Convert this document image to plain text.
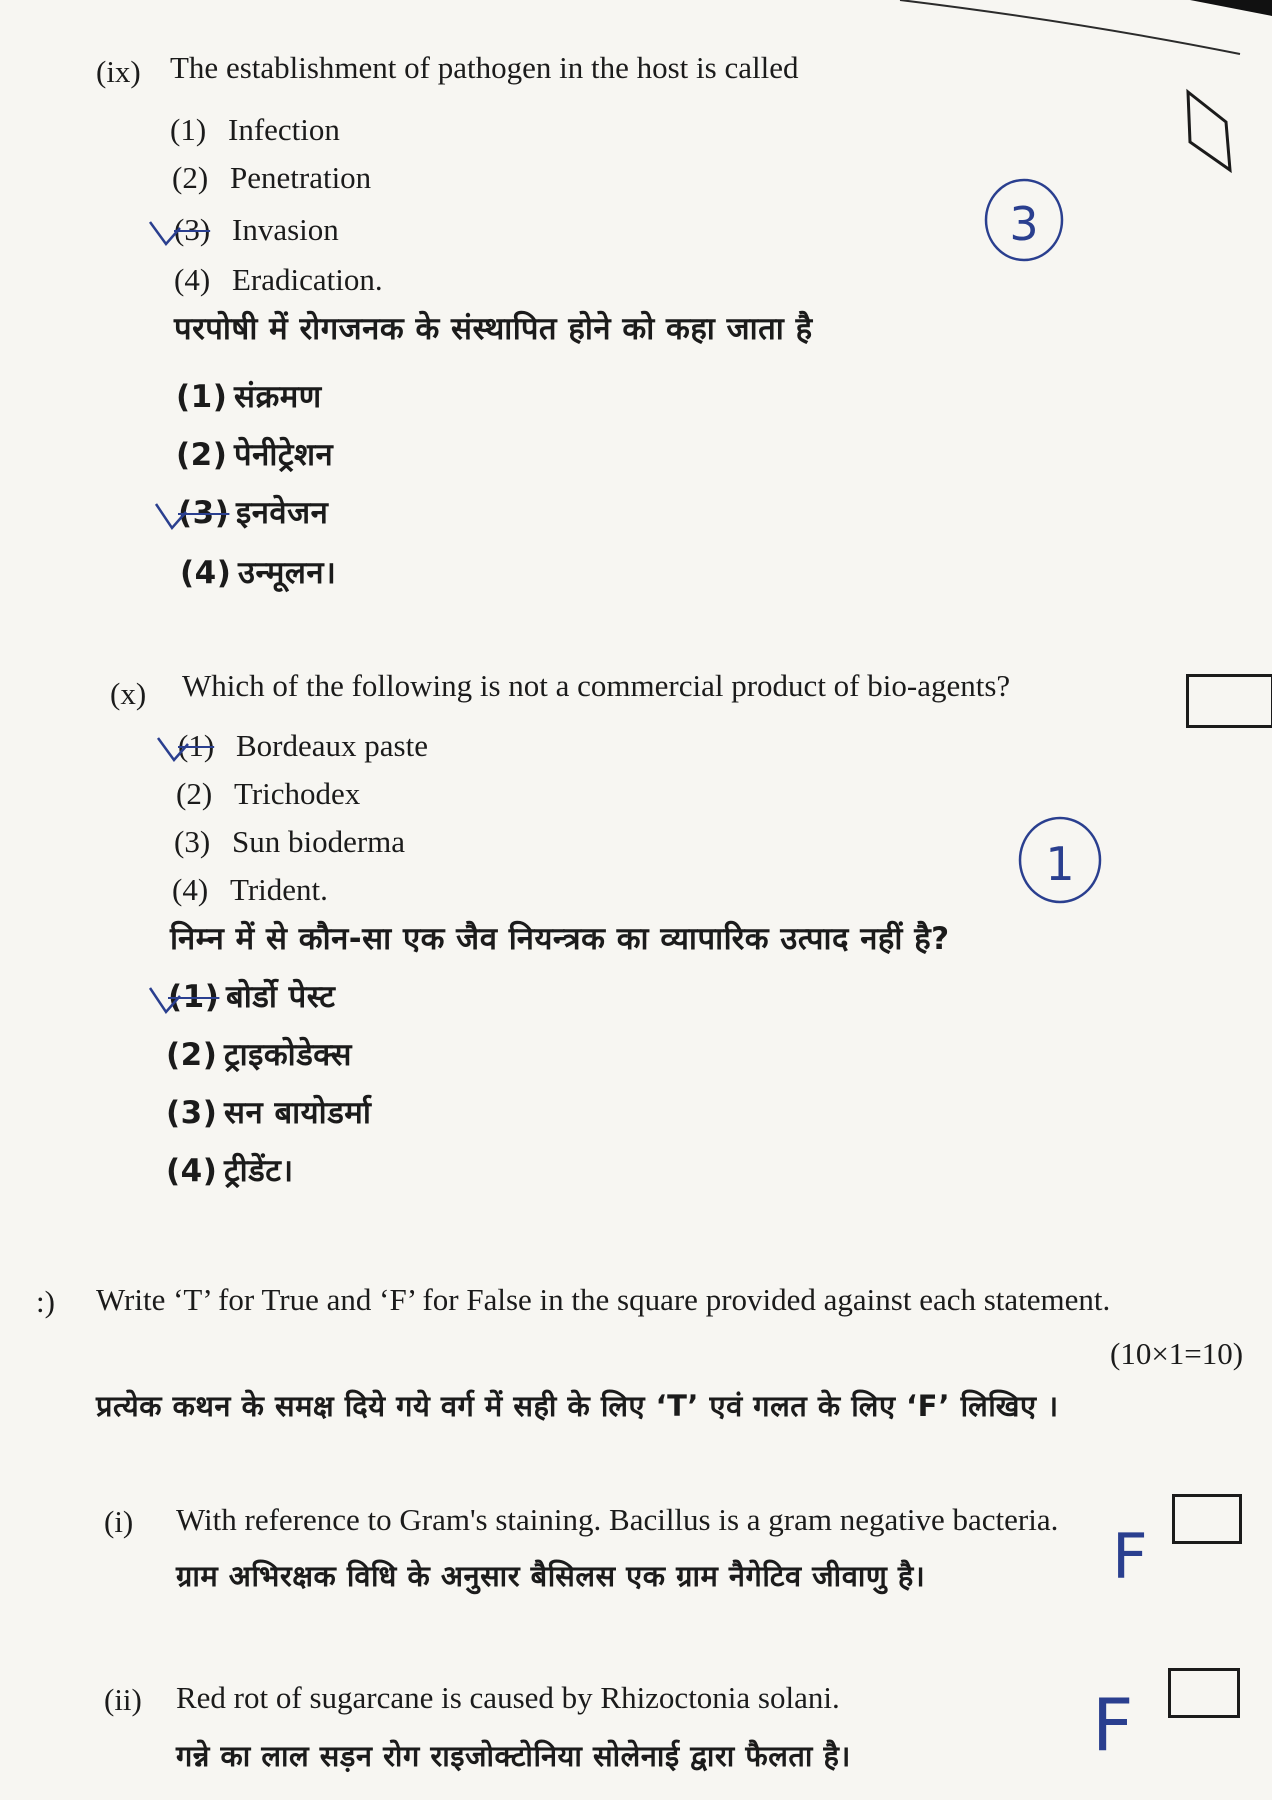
(ix) The establishment of pathogen in the host is called
(1) Infection
(2) Penetration
(3) Invasion
(4) Eradication.
परपोषी में रोगजनक के संस्थापित होने को कहा जाता है
(1) संक्रमण
(2) पेनीट्रेशन
(3) इनवेजन
(4) उन्मूलन।
(x) Which of the following is not a commercial product of bio-agents?
(1) Bordeaux paste
(2) Trichodex
(3) Sun bioderma
(4) Trident.
निम्न में से कौन-सा एक जैव नियन्त्रक का व्यापारिक उत्पाद नहीं है?
(1) बोर्डो पेस्ट
(2) ट्राइकोडेक्स
(3) सन बायोडर्मा
(4) ट्रीडेंट।
:) Write ‘T’ for True and ‘F’ for False in the square provided against each statement.
(10×1=10)
प्रत्येक कथन के समक्ष दिये गये वर्ग में सही के लिए ‘T’ एवं गलत के लिए ‘F’ लिखिए ।
(i) With reference to Gram's staining. Bacillus is a gram negative bacteria.
ग्राम अभिरक्षक विधि के अनुसार बैसिलस एक ग्राम नैगेटिव जीवाणु है।
(ii) Red rot of sugarcane is caused by Rhizoctonia solani.
गन्ने का लाल सड़न रोग राइजोक्टोनिया सोलेनाई द्वारा फैलता है।
3
1
F
F
